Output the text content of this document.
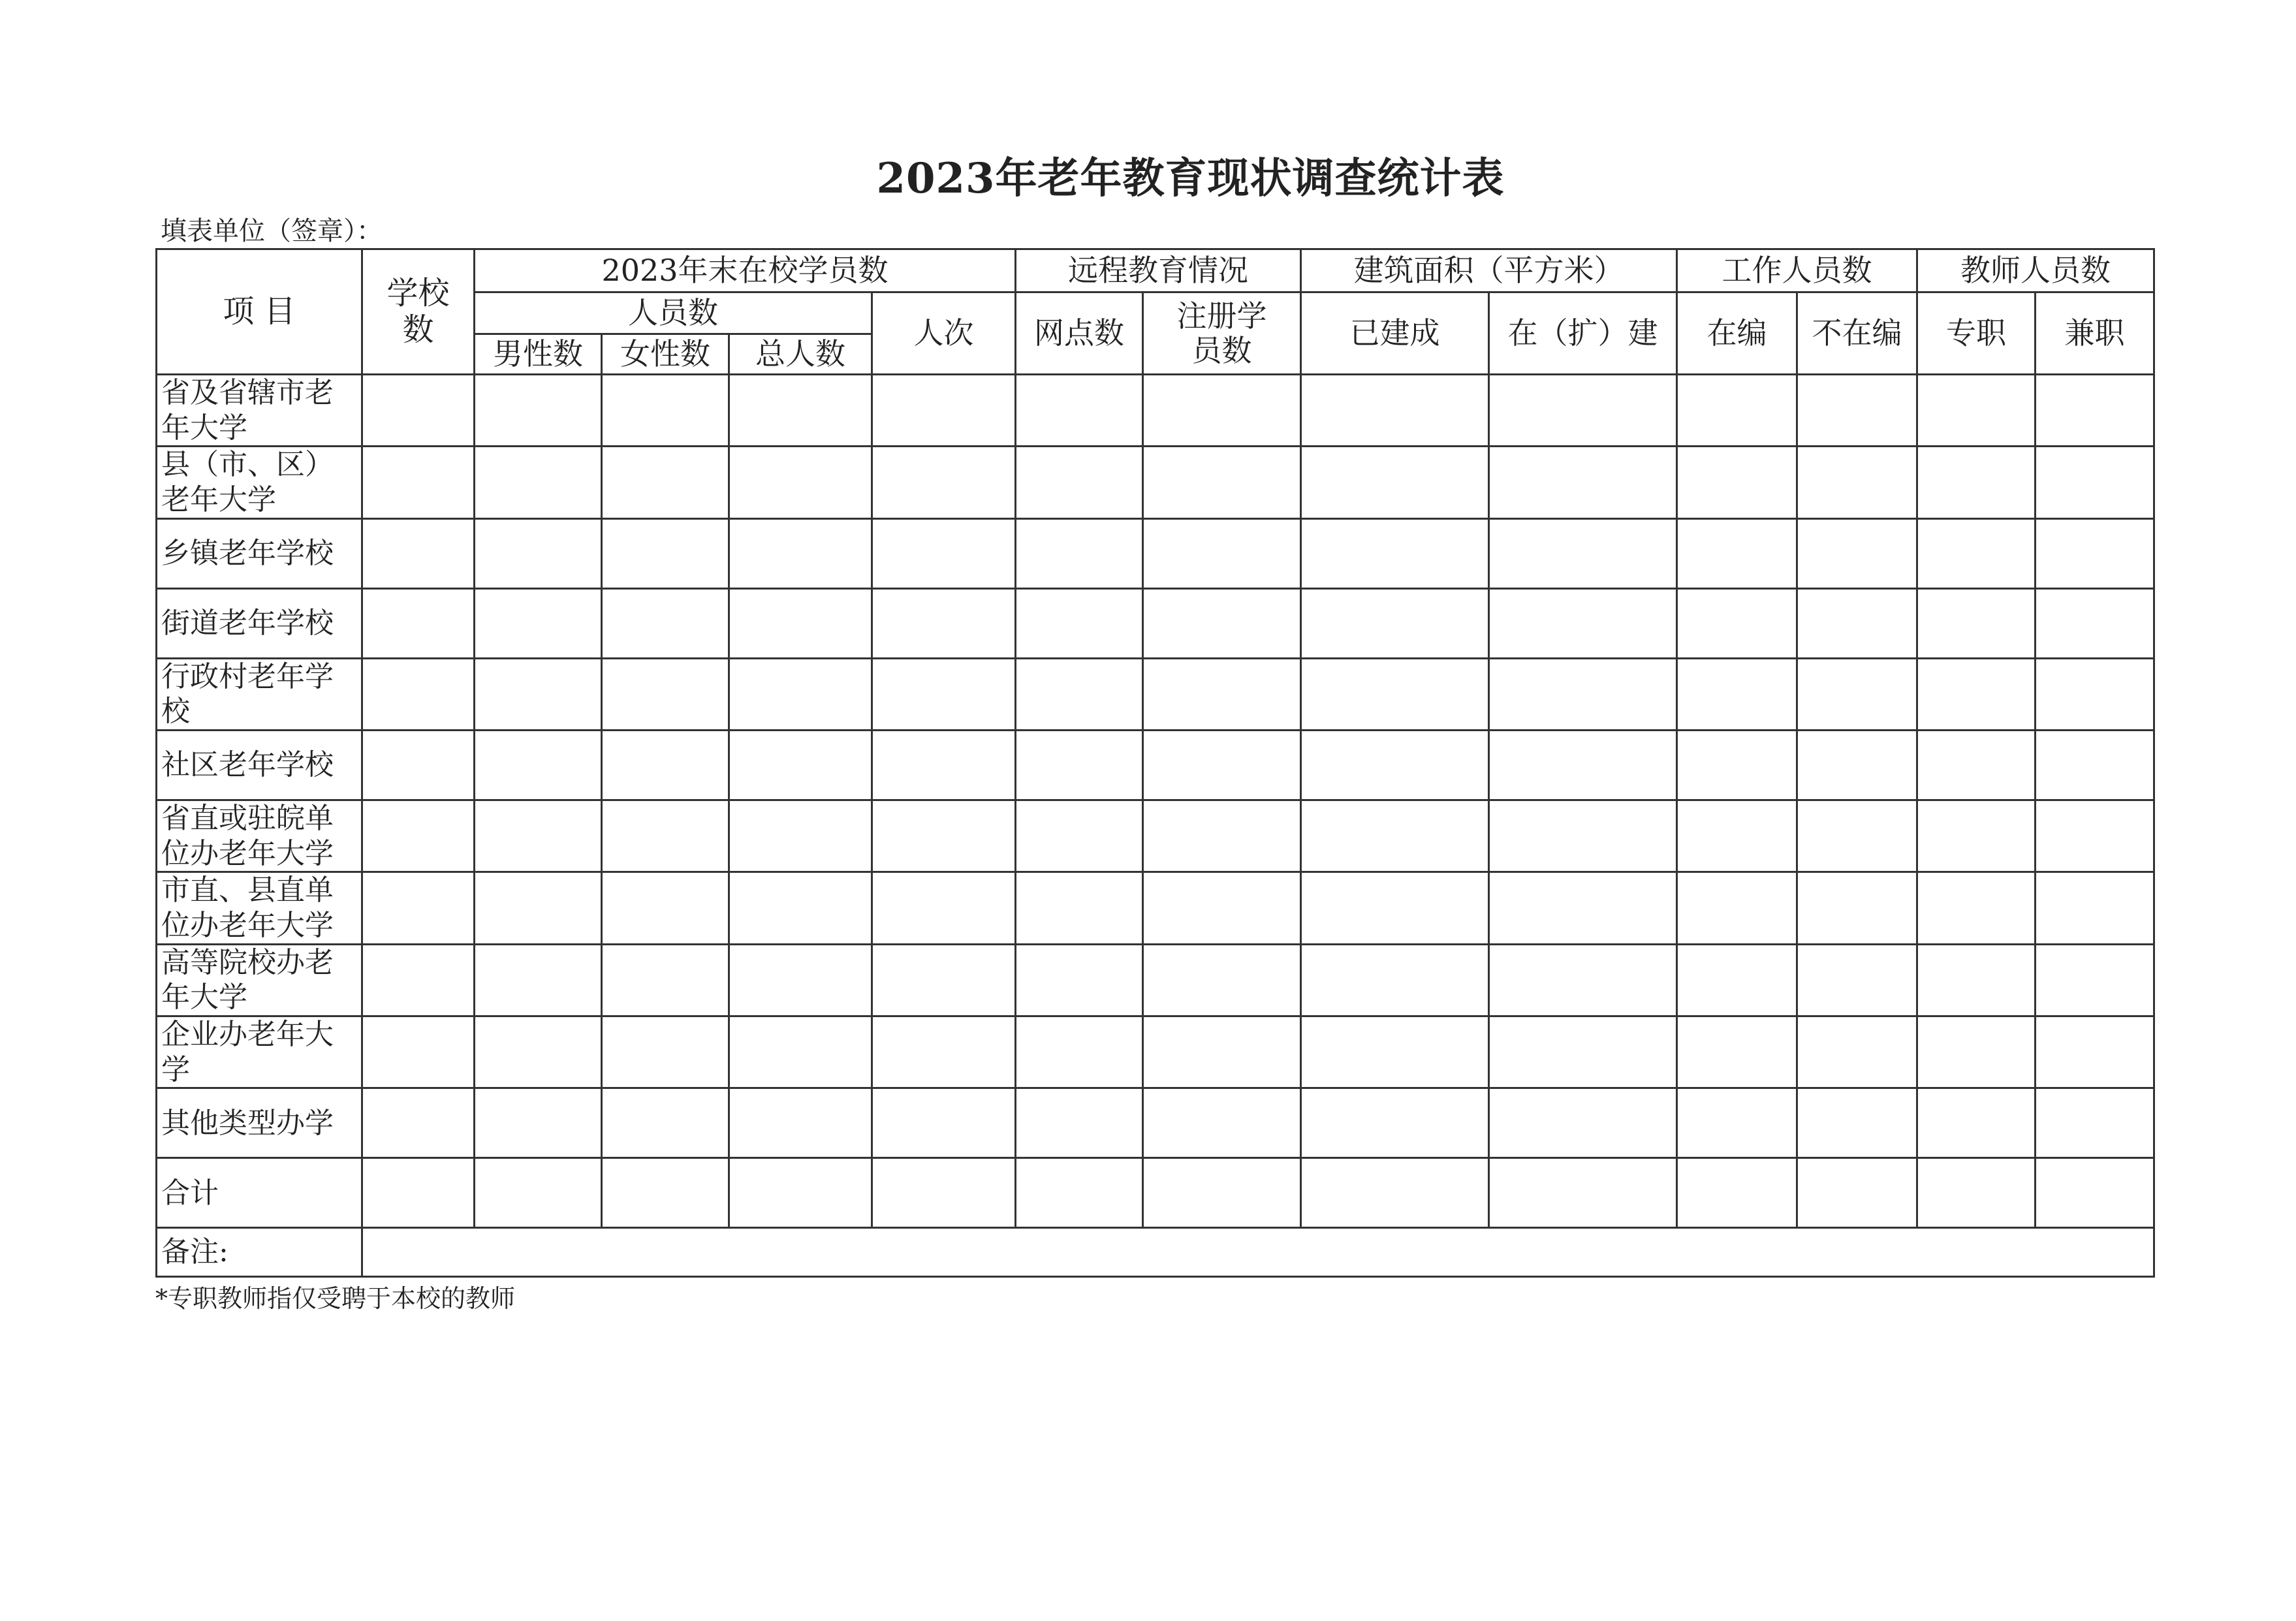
2023年老年教育现状调查统计表
填表单位（签章）：
项 目	学校数	2023年末在校学员数				远程教育情况		建筑面积（平方米）		工作人员数		教师人员数	
		人员数			人次	网点数	注册学员数	已建成	在（扩）建	在编	不在编	专职	兼职
		男性数	女性数	总人数									
省及省辖市老年大学													
县（市、区）老年大学													
乡镇老年学校													
街道老年学校													
行政村老年学校													
社区老年学校													
省直或驻皖单位办老年大学													
市直、县直单位办老年大学													
高等院校办老年大学													
企业办老年大学													
其他类型办学													
合计													
备注:													
*专职教师指仅受聘于本校的教师
